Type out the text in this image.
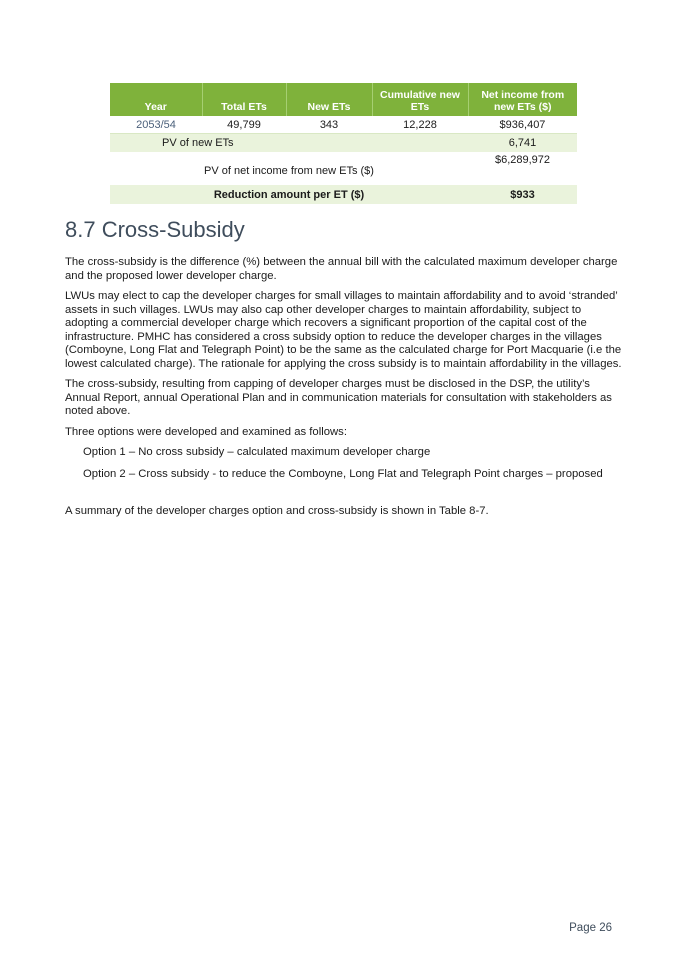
Year	Total ETs	New ETs	Cumulative new ETs	Net income from new ETs ($)
2053/54	49,799	343	12,228	$936,407
PV of new ETs				6,741
PV of net income from new ETs ($)				$6,289,972
Reduction amount per ET ($)				$933
8.7 Cross-Subsidy

The cross-subsidy is the difference (%) between the annual bill with the calculated maximum developer charge and the proposed lower developer charge.

LWUs may elect to cap the developer charges for small villages to maintain affordability and to avoid ‘stranded’ assets in such villages. LWUs may also cap other developer charges to maintain affordability, subject to adopting a commercial developer charge which recovers a significant proportion of the capital cost of the infrastructure. PMHC has considered a cross subsidy option to reduce the developer charges in the villages (Comboyne, Long Flat and Telegraph Point) to be the same as the calculated charge for Port Macquarie (i.e the lowest calculated charge). The rationale for applying the cross subsidy is to maintain affordability in the villages.

The cross-subsidy, resulting from capping of developer charges must be disclosed in the DSP, the utility’s Annual Report, annual Operational Plan and in communication materials for consultation with stakeholders as noted above.

Three options were developed and examined as follows:

Option 1 – No cross subsidy – calculated maximum developer charge

Option 2 – Cross subsidy - to reduce the Comboyne, Long Flat and Telegraph Point charges – proposed

A summary of the developer charges option and cross-subsidy is shown in Table 8-7.

Page 26
